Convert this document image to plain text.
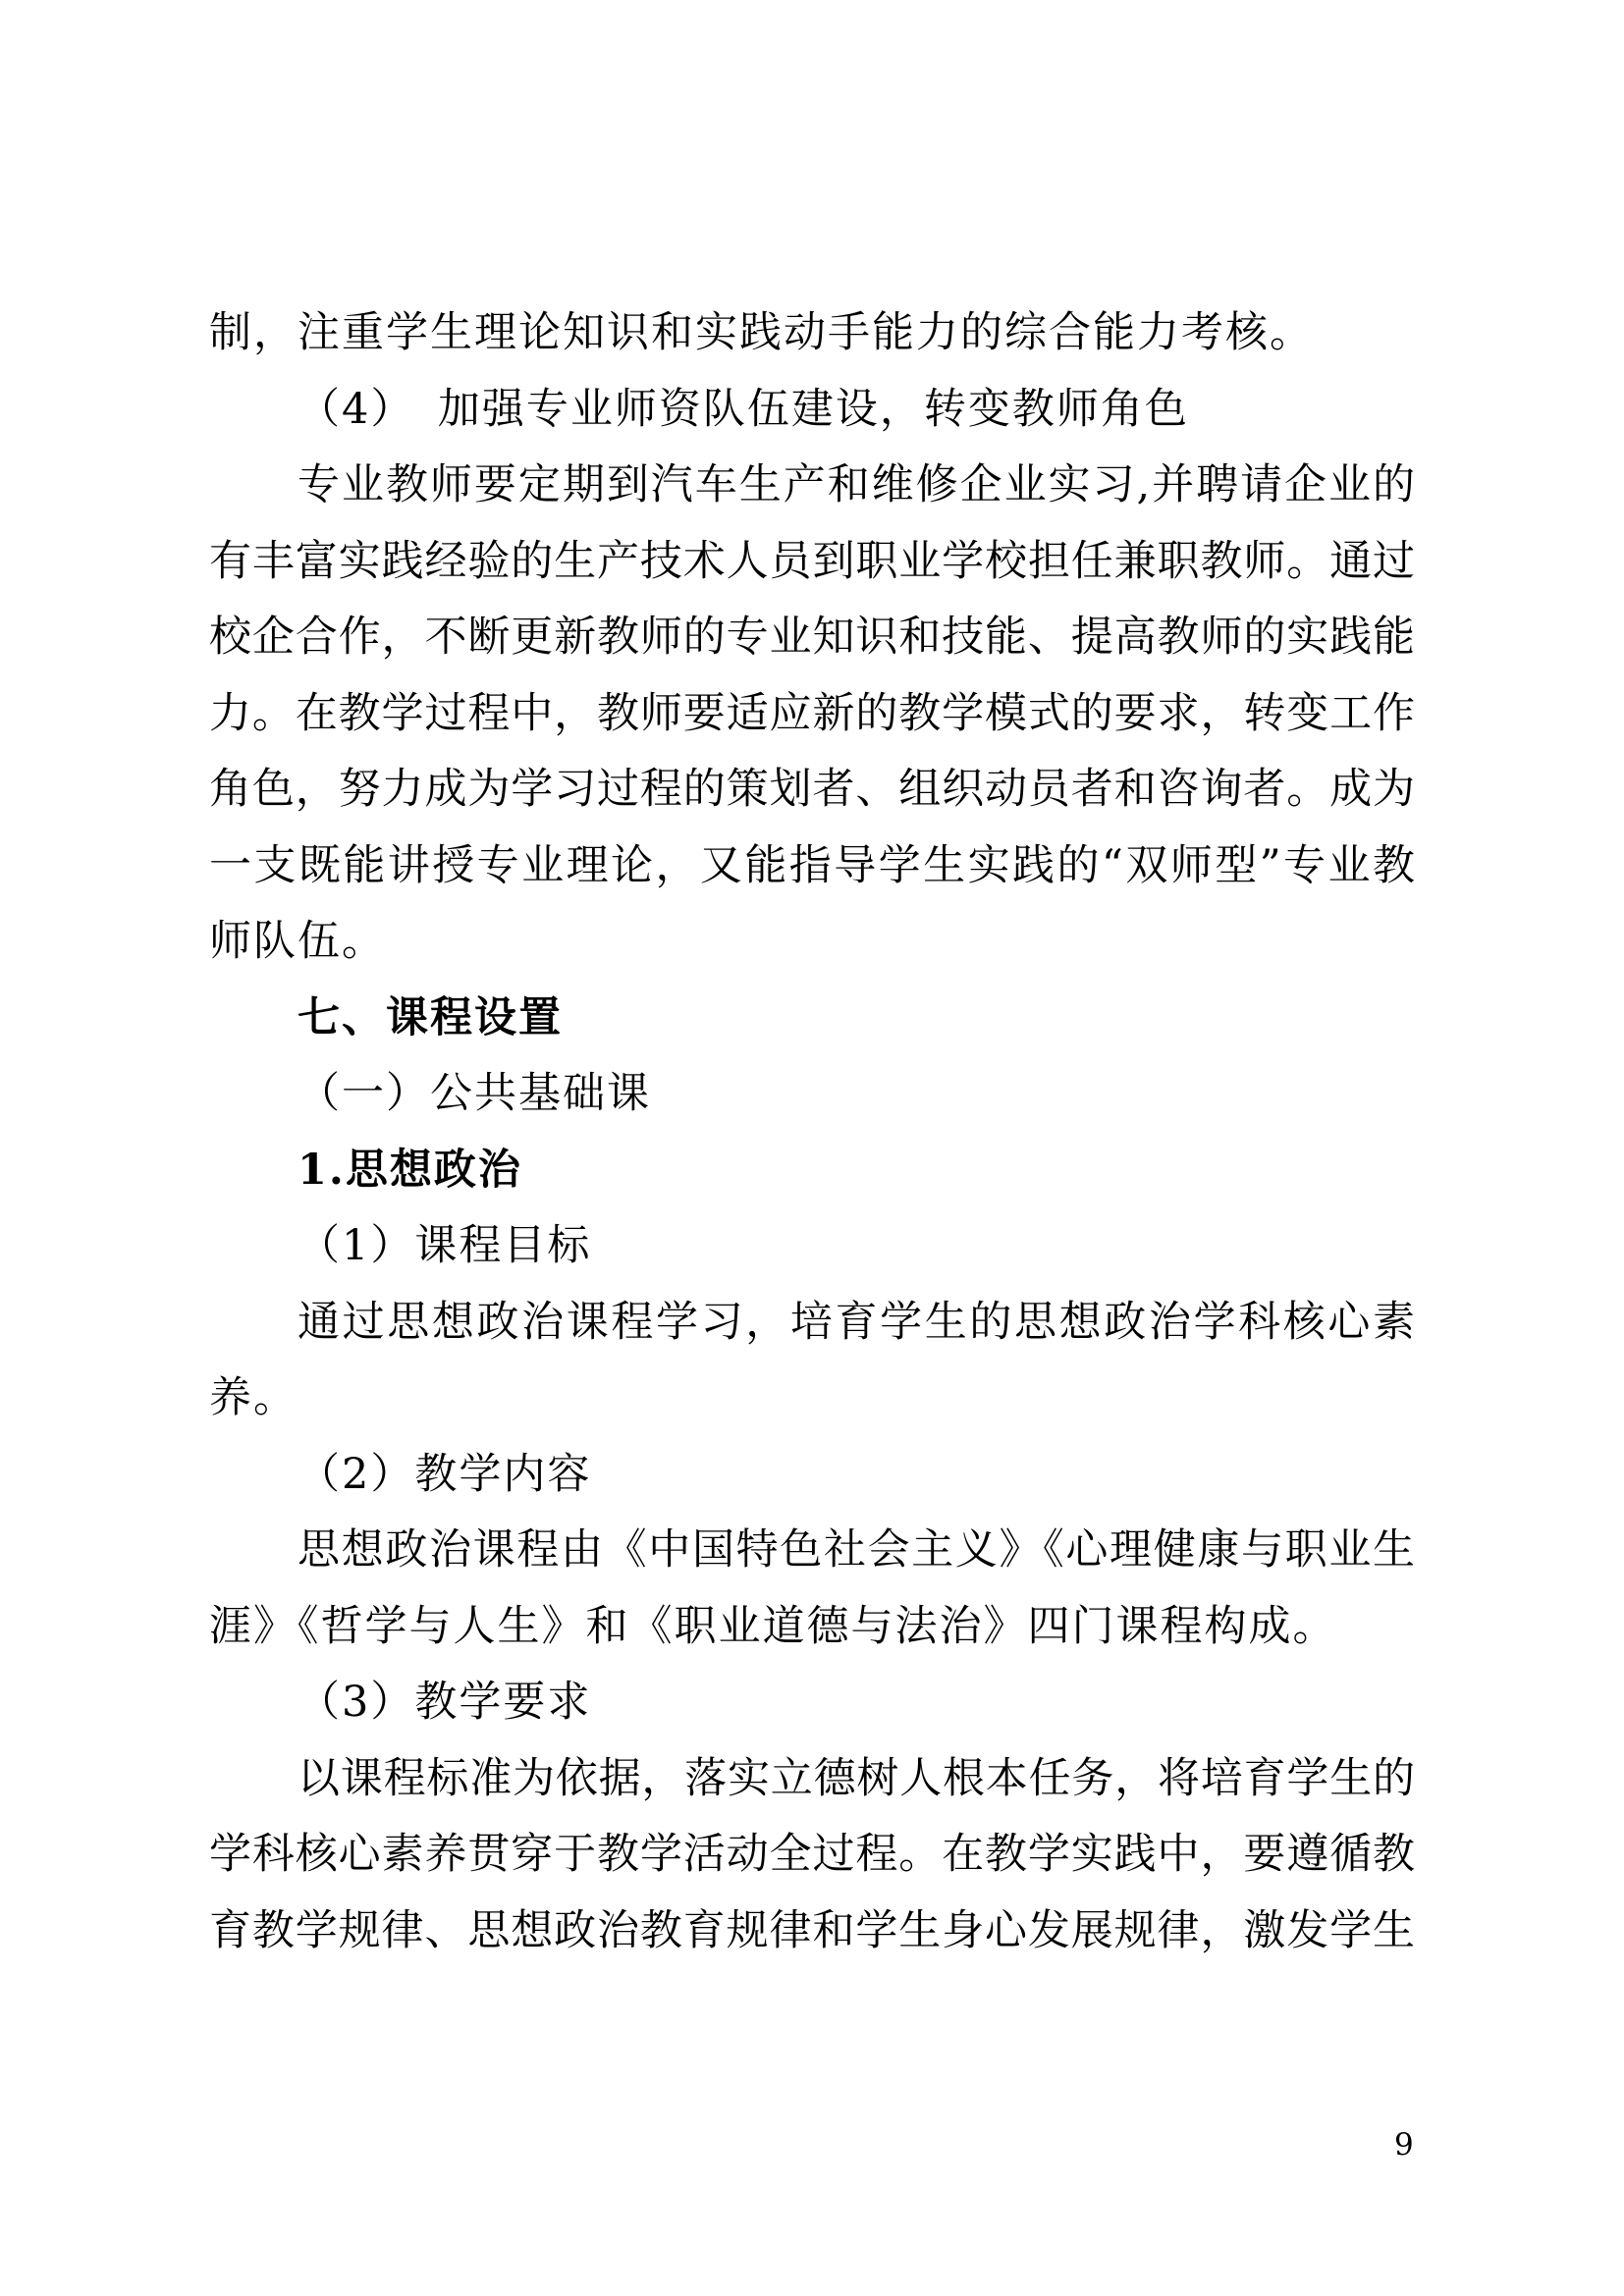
制，注重学生理论知识和实践动手能力的综合能力考核。
（4）　加强专业师资队伍建设，转变教师角色
专业教师要定期到汽车生产和维修企业实习,并聘请企业的
有丰富实践经验的生产技术人员到职业学校担任兼职教师。通过
校企合作，不断更新教师的专业知识和技能、提高教师的实践能
力。在教学过程中，教师要适应新的教学模式的要求，转变工作
角色，努力成为学习过程的策划者、组织动员者和咨询者。成为
一支既能讲授专业理论，又能指导学生实践的“双师型”专业教
师队伍。
七、课程设置
（一）公共基础课
1.思想政治
（1）课程目标
通过思想政治课程学习，培育学生的思想政治学科核心素
养。
（2）教学内容
思想政治课程由《中国特色社会主义》《心理健康与职业生
涯》《哲学与人生》和《职业道德与法治》四门课程构成。
（3）教学要求
以课程标准为依据，落实立德树人根本任务，将培育学生的
学科核心素养贯穿于教学活动全过程。在教学实践中，要遵循教
育教学规律、思想政治教育规律和学生身心发展规律，激发学生
9
